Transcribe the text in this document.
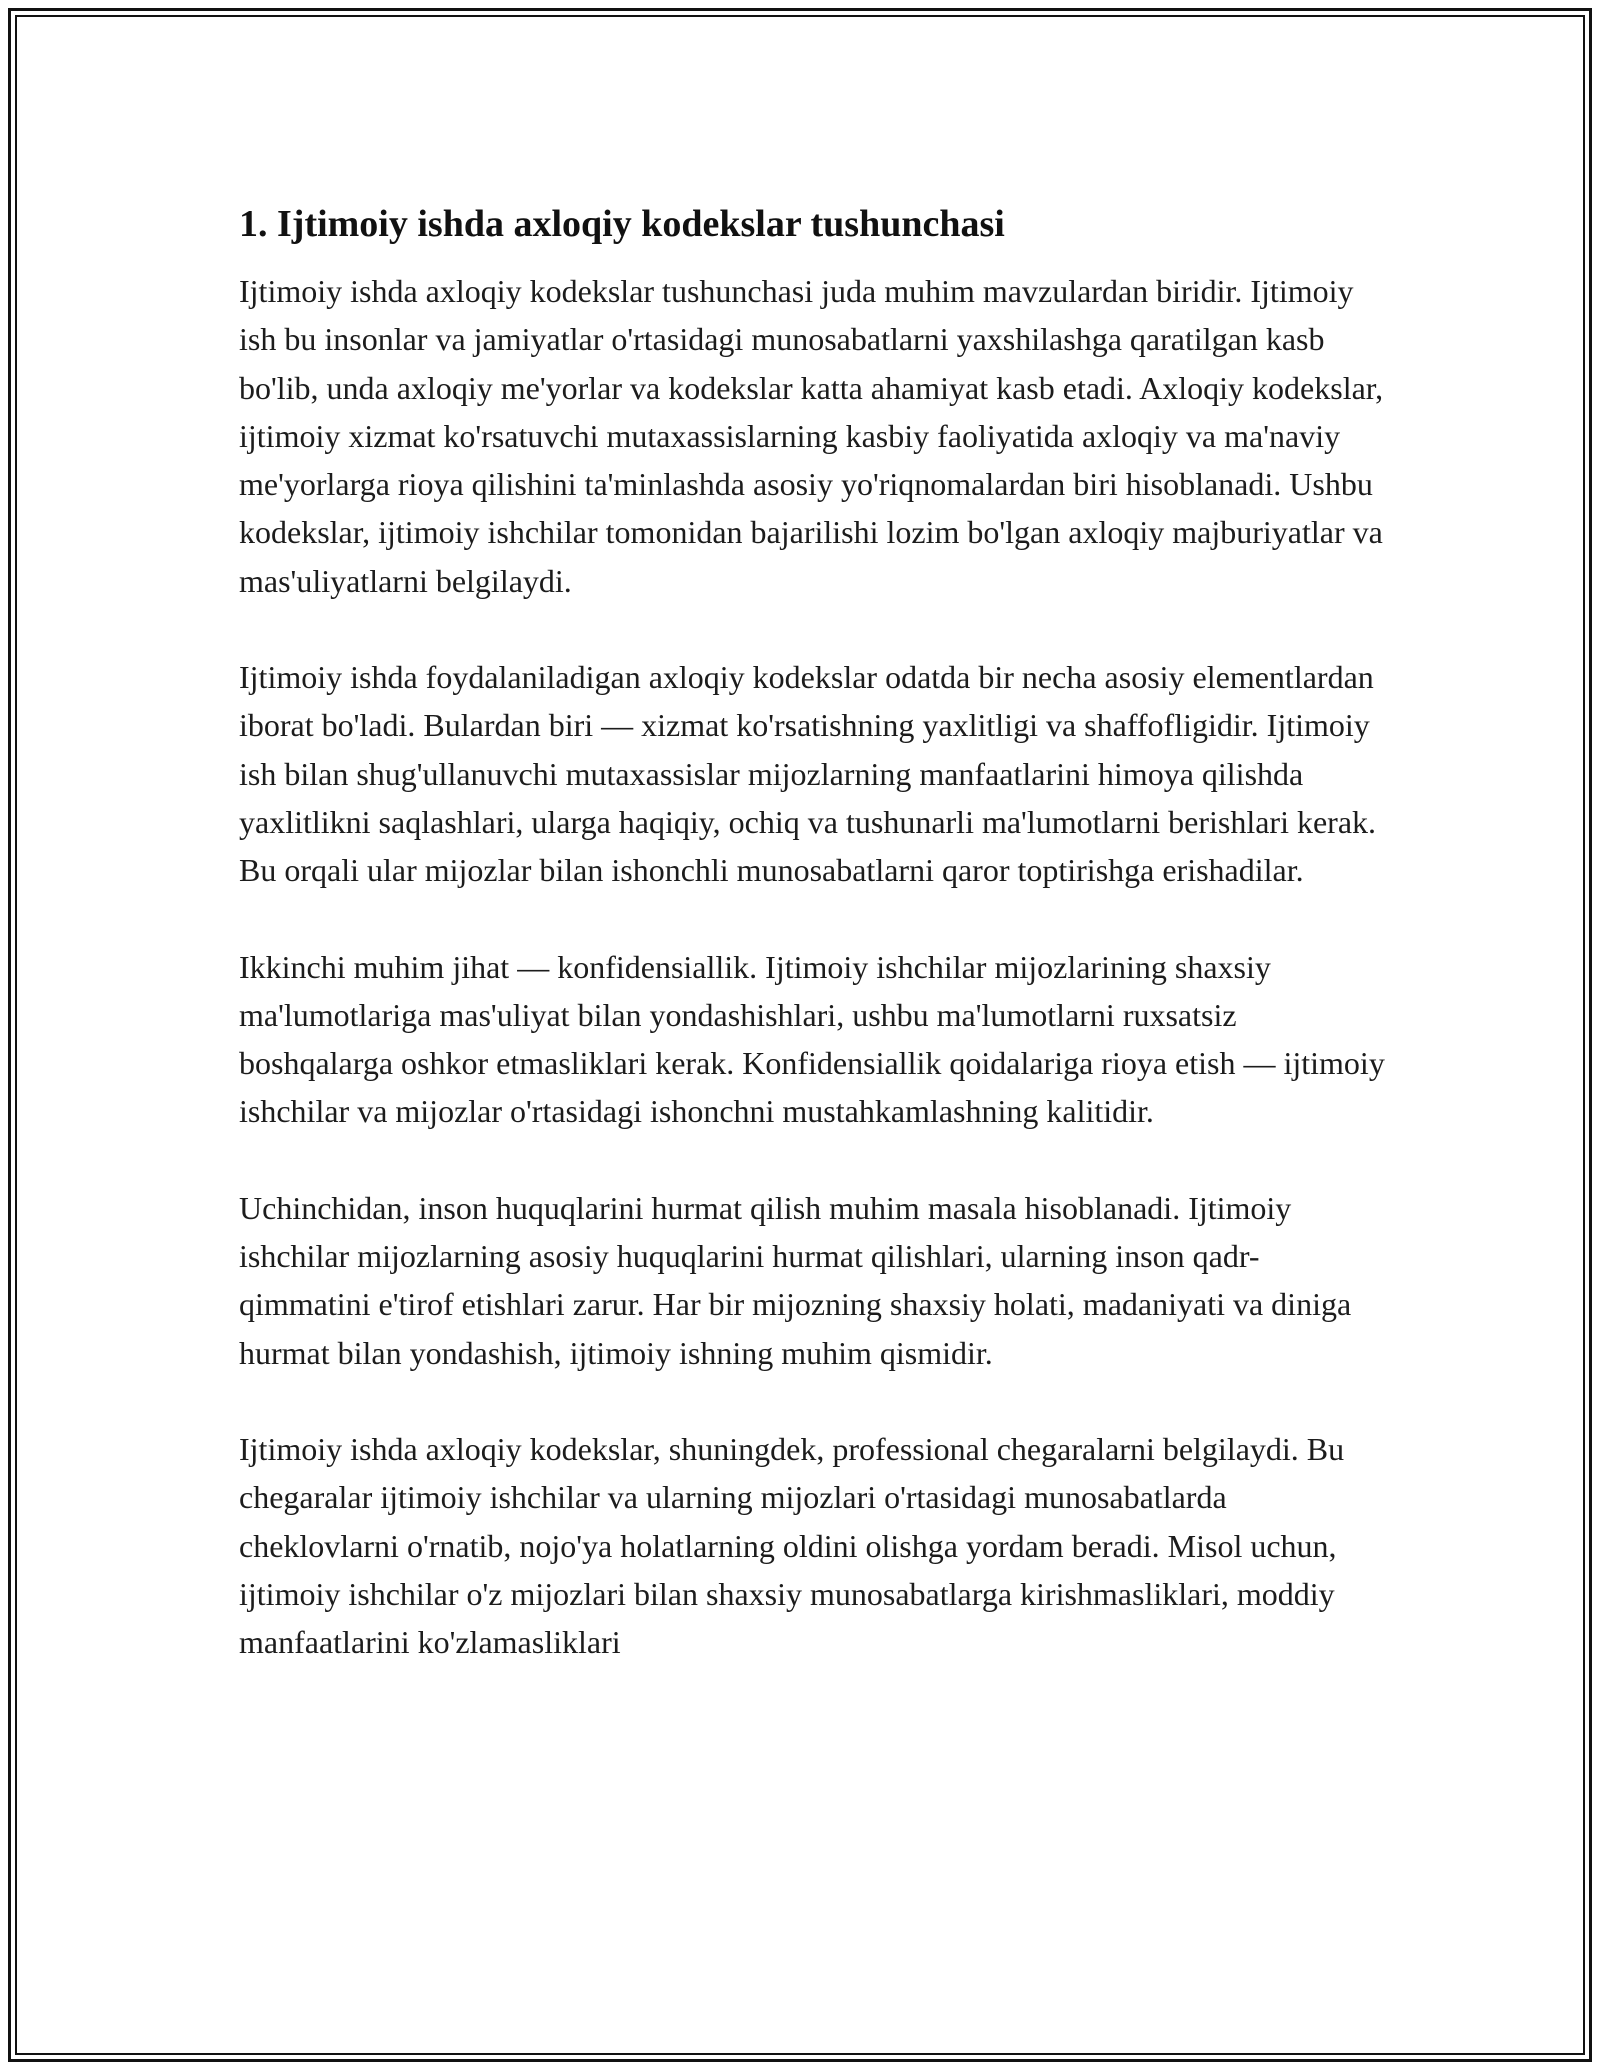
1. Ijtimoiy ishda axloqiy kodekslar tushunchasi

Ijtimoiy ishda axloqiy kodekslar tushunchasi juda muhim mavzulardan biridir. Ijtimoiy ish bu insonlar va jamiyatlar o'rtasidagi munosabatlarni yaxshilashga qaratilgan kasb bo'lib, unda axloqiy me'yorlar va kodekslar katta ahamiyat kasb etadi. Axloqiy kodekslar, ijtimoiy xizmat ko'rsatuvchi mutaxassislarning kasbiy faoliyatida axloqiy va ma'naviy me'yorlarga rioya qilishini ta'minlashda asosiy yo'riqnomalardan biri hisoblanadi. Ushbu kodekslar, ijtimoiy ishchilar tomonidan bajarilishi lozim bo'lgan axloqiy majburiyatlar va mas'uliyatlarni belgilaydi.

Ijtimoiy ishda foydalaniladigan axloqiy kodekslar odatda bir necha asosiy elementlardan iborat bo'ladi. Bulardan biri — xizmat ko'rsatishning yaxlitligi va shaffofligidir. Ijtimoiy ish bilan shug'ullanuvchi mutaxassislar mijozlarning manfaatlarini himoya qilishda yaxlitlikni saqlashlari, ularga haqiqiy, ochiq va tushunarli ma'lumotlarni berishlari kerak. Bu orqali ular mijozlar bilan ishonchli munosabatlarni qaror toptirishga erishadilar.

Ikkinchi muhim jihat — konfidensiallik. Ijtimoiy ishchilar mijozlarining shaxsiy ma'lumotlariga mas'uliyat bilan yondashishlari, ushbu ma'lumotlarni ruxsatsiz boshqalarga oshkor etmasliklari kerak. Konfidensiallik qoidalariga rioya etish — ijtimoiy ishchilar va mijozlar o'rtasidagi ishonchni mustahkamlashning kalitidir.

Uchinchidan, inson huquqlarini hurmat qilish muhim masala hisoblanadi. Ijtimoiy ishchilar mijozlarning asosiy huquqlarini hurmat qilishlari, ularning inson qadr-qimmatini e'tirof etishlari zarur. Har bir mijozning shaxsiy holati, madaniyati va diniga hurmat bilan yondashish, ijtimoiy ishning muhim qismidir.

Ijtimoiy ishda axloqiy kodekslar, shuningdek, professional chegaralarni belgilaydi. Bu chegaralar ijtimoiy ishchilar va ularning mijozlari o'rtasidagi munosabatlarda cheklovlarni o'rnatib, nojo'ya holatlarning oldini olishga yordam beradi. Misol uchun, ijtimoiy ishchilar o'z mijozlari bilan shaxsiy munosabatlarga kirishmasliklari, moddiy manfaatlarini ko'zlamasliklari
